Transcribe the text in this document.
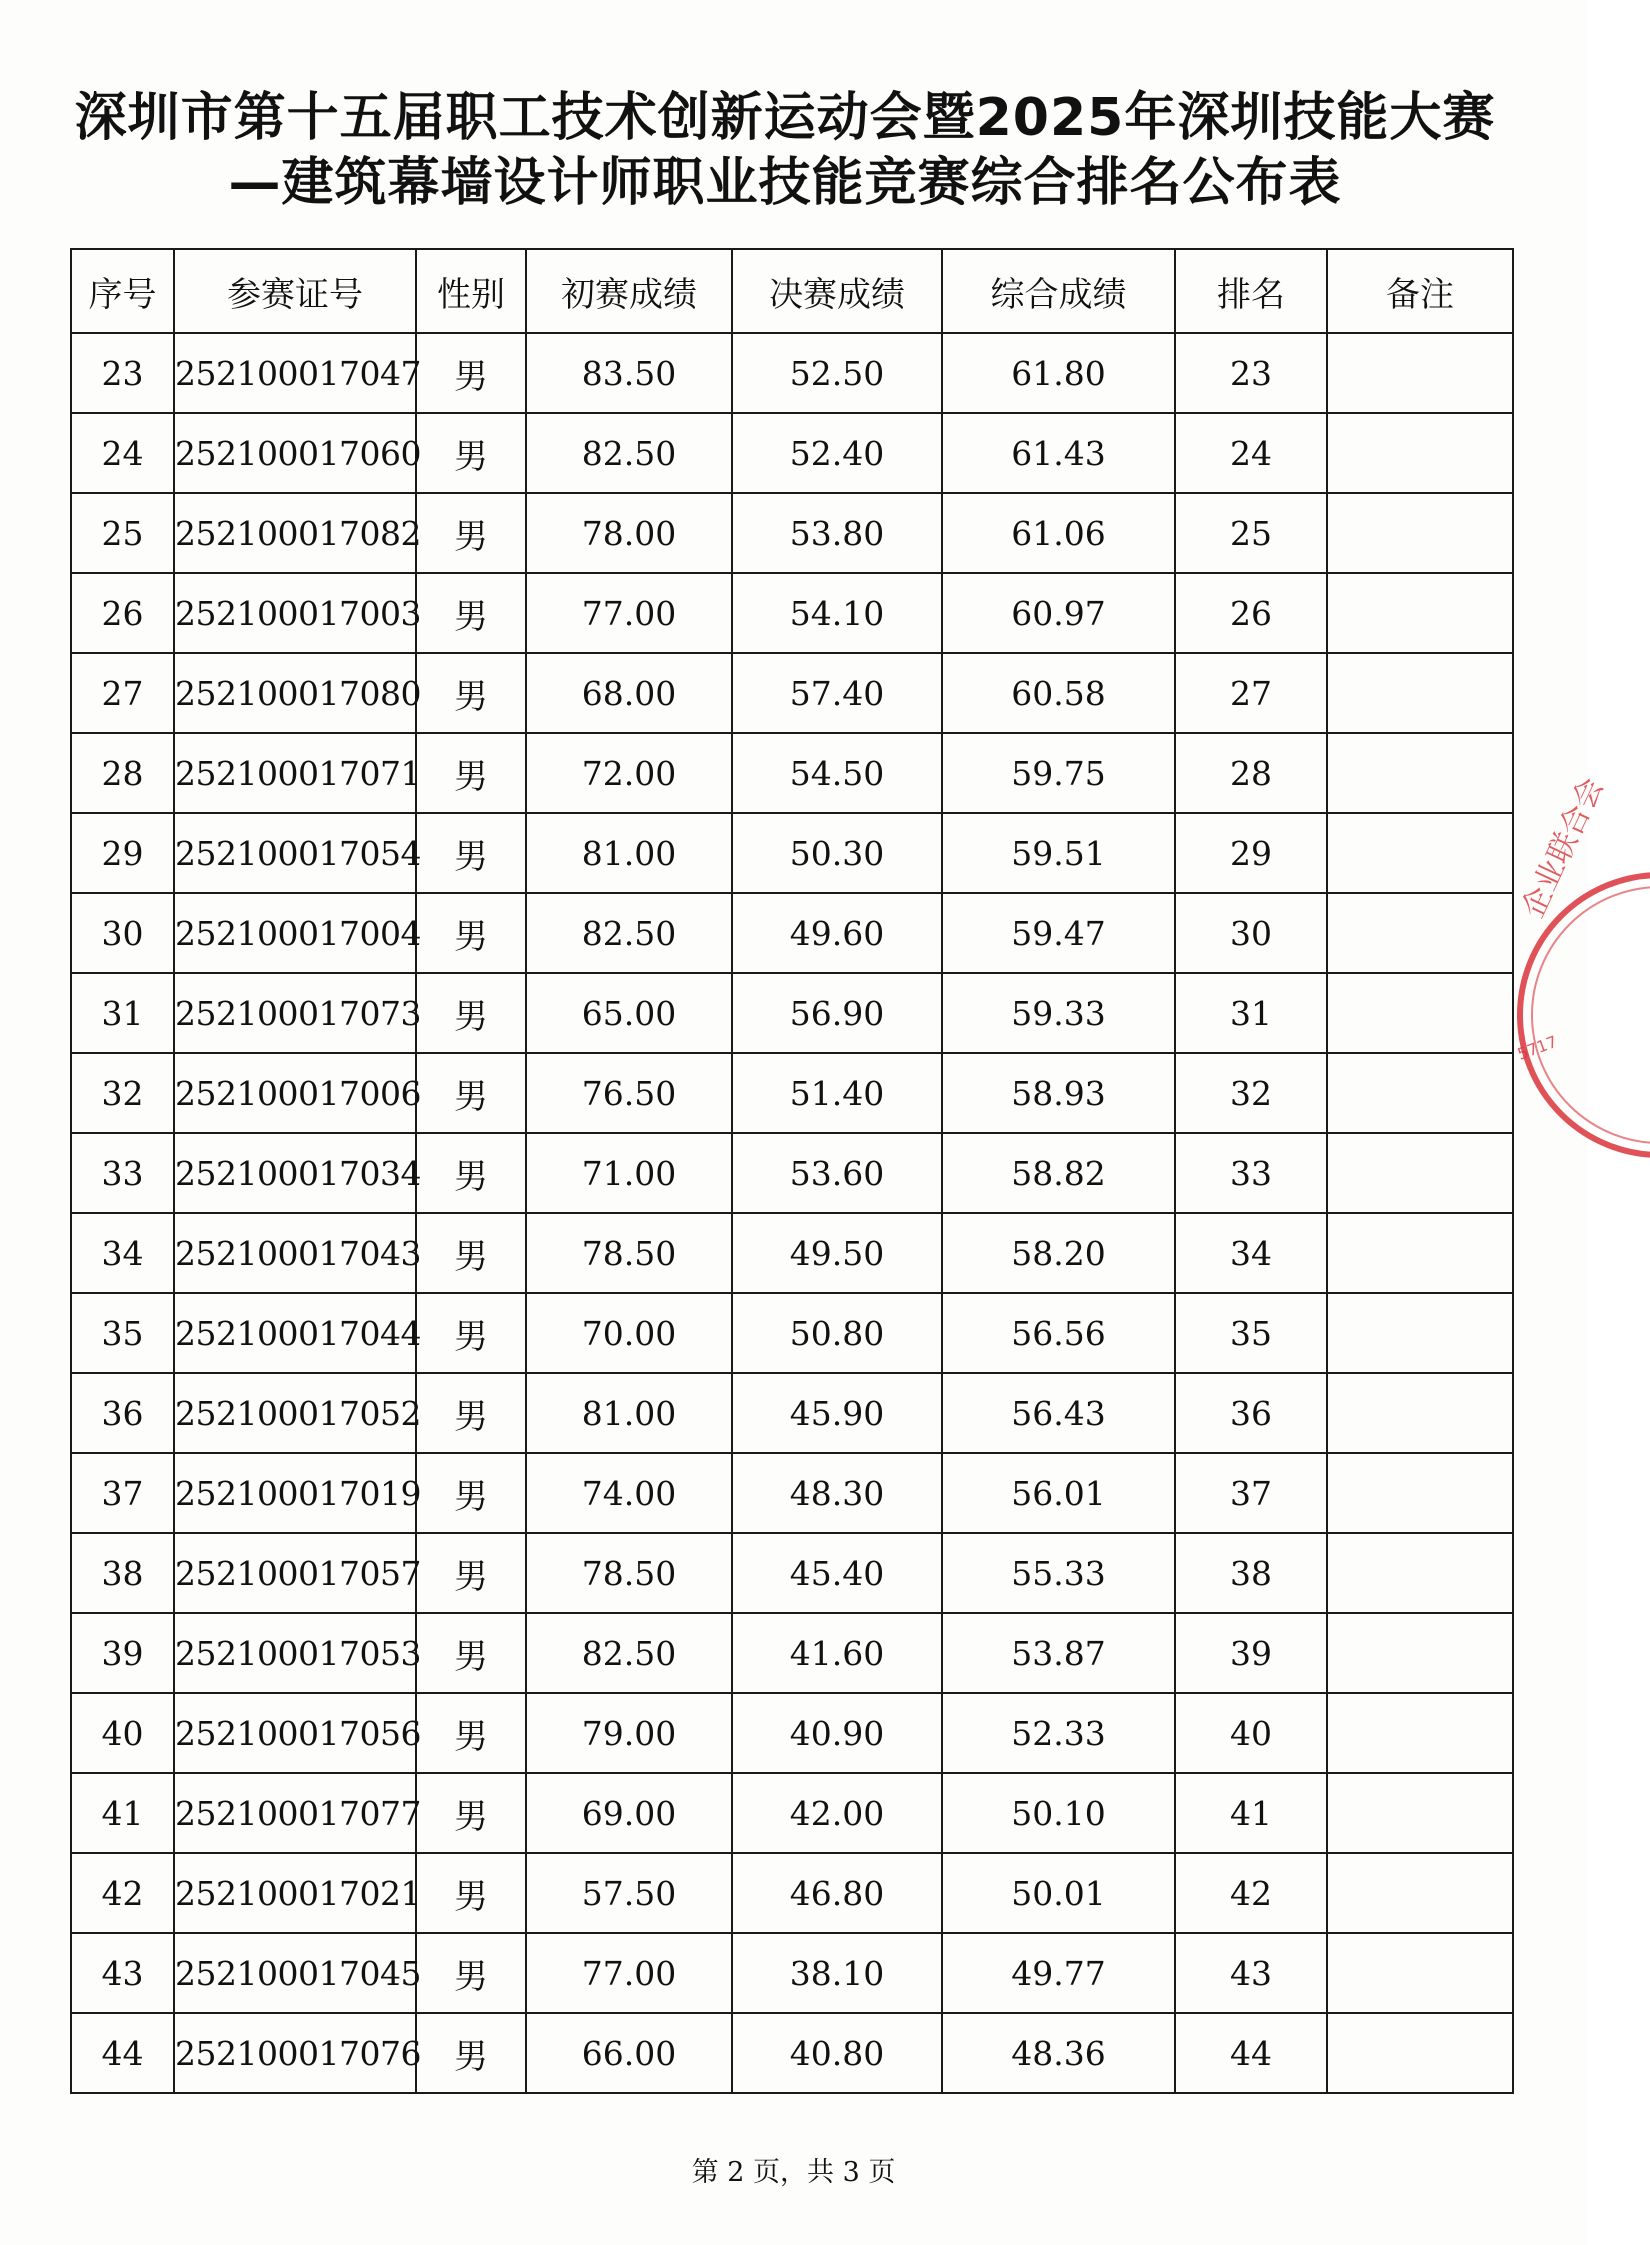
深圳市第十五届职工技术创新运动会暨2025年深圳技能大赛
—建筑幕墙设计师职业技能竞赛综合排名公布表
序号	参赛证号	性别	初赛成绩	决赛成绩	综合成绩	排名	备注
23	252100017047	男	83.50	52.50	61.80	23	
24	252100017060	男	82.50	52.40	61.43	24	
25	252100017082	男	78.00	53.80	61.06	25	
26	252100017003	男	77.00	54.10	60.97	26	
27	252100017080	男	68.00	57.40	60.58	27	
28	252100017071	男	72.00	54.50	59.75	28	
29	252100017054	男	81.00	50.30	59.51	29	
30	252100017004	男	82.50	49.60	59.47	30	
31	252100017073	男	65.00	56.90	59.33	31	
32	252100017006	男	76.50	51.40	58.93	32	
33	252100017034	男	71.00	53.60	58.82	33	
34	252100017043	男	78.50	49.50	58.20	34	
35	252100017044	男	70.00	50.80	56.56	35	
36	252100017052	男	81.00	45.90	56.43	36	
37	252100017019	男	74.00	48.30	56.01	37	
38	252100017057	男	78.50	45.40	55.33	38	
39	252100017053	男	82.50	41.60	53.87	39	
40	252100017056	男	79.00	40.90	52.33	40	
41	252100017077	男	69.00	42.00	50.10	41	
42	252100017021	男	57.50	46.80	50.01	42	
43	252100017045	男	77.00	38.10	49.77	43	
44	252100017076	男	66.00	40.80	48.36	44	
企业联合会
5717
第 2 页，共 3 页
